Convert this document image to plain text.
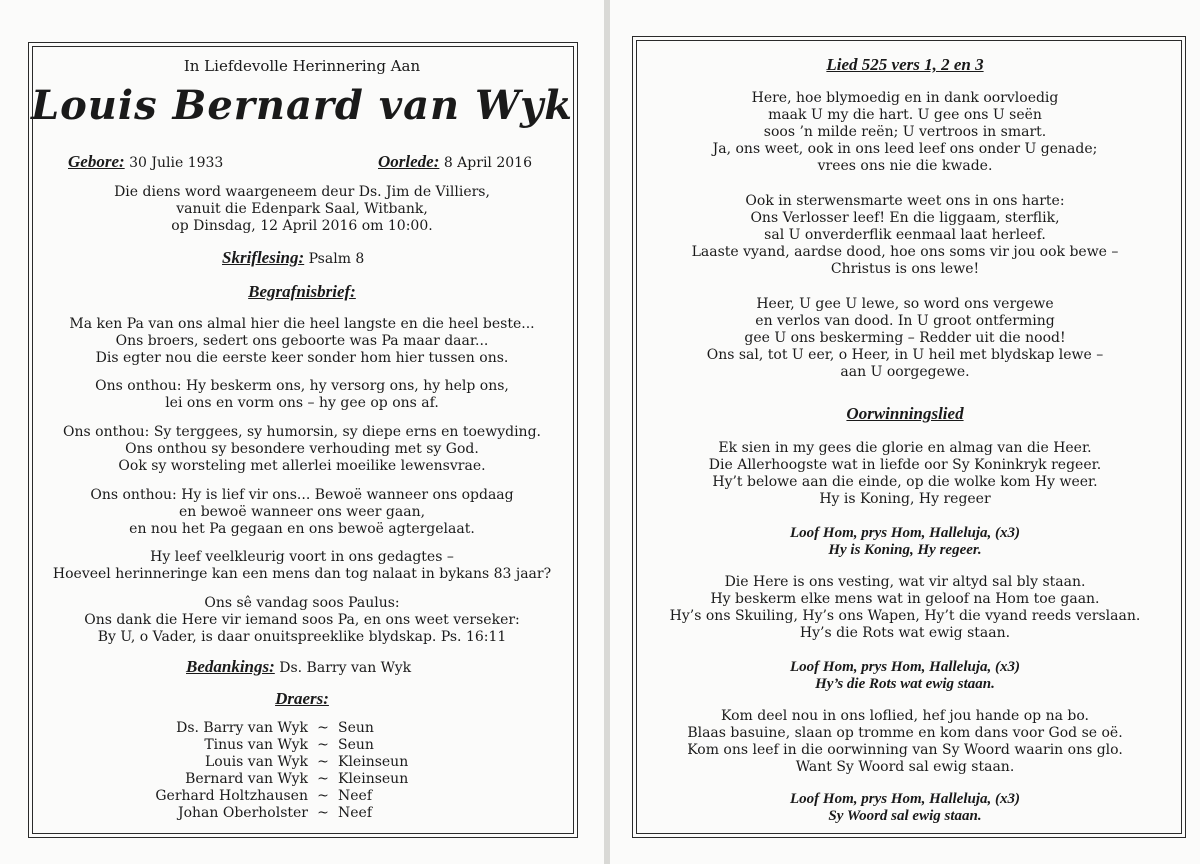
In Liefdevolle Herinnering Aan
Louis Bernard van Wyk
Gebore: 30 Julie 1933	Oorlede: 8 April 2016
Die diens word waargeneem deur Ds. Jim de Villiers,
vanuit die Edenpark Saal, Witbank,
op Dinsdag, 12 April 2016 om 10:00.
Skriflesing: Psalm 8
Begrafnisbrief:
Ma ken Pa van ons almal hier die heel langste en die heel beste...
Ons broers, sedert ons geboorte was Pa maar daar...
Dis egter nou die eerste keer sonder hom hier tussen ons.
Ons onthou: Hy beskerm ons, hy versorg ons, hy help ons,
lei ons en vorm ons – hy gee op ons af.
Ons onthou: Sy terggees, sy humorsin, sy diepe erns en toewyding.
Ons onthou sy besondere verhouding met sy God.
Ook sy worsteling met allerlei moeilike lewensvrae.
Ons onthou: Hy is lief vir ons... Bewoë wanneer ons opdaag
en bewoë wanneer ons weer gaan,
en nou het Pa gegaan en ons bewoë agtergelaat.
Hy leef veelkleurig voort in ons gedagtes –
Hoeveel herinneringe kan een mens dan tog nalaat in bykans 83 jaar?
Ons sê vandag soos Paulus:
Ons dank die Here vir iemand soos Pa, en ons weet verseker:
By U, o Vader, is daar onuitspreeklike blydskap. Ps. 16:11
Bedankings: Ds. Barry van Wyk
Draers:
Ds. Barry van Wyk ~ Seun
Tinus van Wyk ~ Seun
Louis van Wyk ~ Kleinseun
Bernard van Wyk ~ Kleinseun
Gerhard Holtzhausen ~ Neef
Johan Oberholster ~ Neef
Lied 525 vers 1, 2 en 3
Here, hoe blymoedig en in dank oorvloedig
maak U my die hart. U gee ons U seën
soos ’n milde reën; U vertroos in smart.
Ja, ons weet, ook in ons leed leef ons onder U genade;
vrees ons nie die kwade.
Ook in sterwensmarte weet ons in ons harte:
Ons Verlosser leef! En die liggaam, sterflik,
sal U onverderflik eenmaal laat herleef.
Laaste vyand, aardse dood, hoe ons soms vir jou ook bewe –
Christus is ons lewe!
Heer, U gee U lewe, so word ons vergewe
en verlos van dood. In U groot ontferming
gee U ons beskerming – Redder uit die nood!
Ons sal, tot U eer, o Heer, in U heil met blydskap lewe –
aan U oorgegewe.
Oorwinningslied
Ek sien in my gees die glorie en almag van die Heer.
Die Allerhoogste wat in liefde oor Sy Koninkryk regeer.
Hy’t belowe aan die einde, op die wolke kom Hy weer.
Hy is Koning, Hy regeer
Loof Hom, prys Hom, Halleluja, (x3)
Hy is Koning, Hy regeer.
Die Here is ons vesting, wat vir altyd sal bly staan.
Hy beskerm elke mens wat in geloof na Hom toe gaan.
Hy’s ons Skuiling, Hy’s ons Wapen, Hy’t die vyand reeds verslaan.
Hy’s die Rots wat ewig staan.
Loof Hom, prys Hom, Halleluja, (x3)
Hy’s die Rots wat ewig staan.
Kom deel nou in ons loflied, hef jou hande op na bo.
Blaas basuine, slaan op tromme en kom dans voor God se oë.
Kom ons leef in die oorwinning van Sy Woord waarin ons glo.
Want Sy Woord sal ewig staan.
Loof Hom, prys Hom, Halleluja, (x3)
Sy Woord sal ewig staan.
